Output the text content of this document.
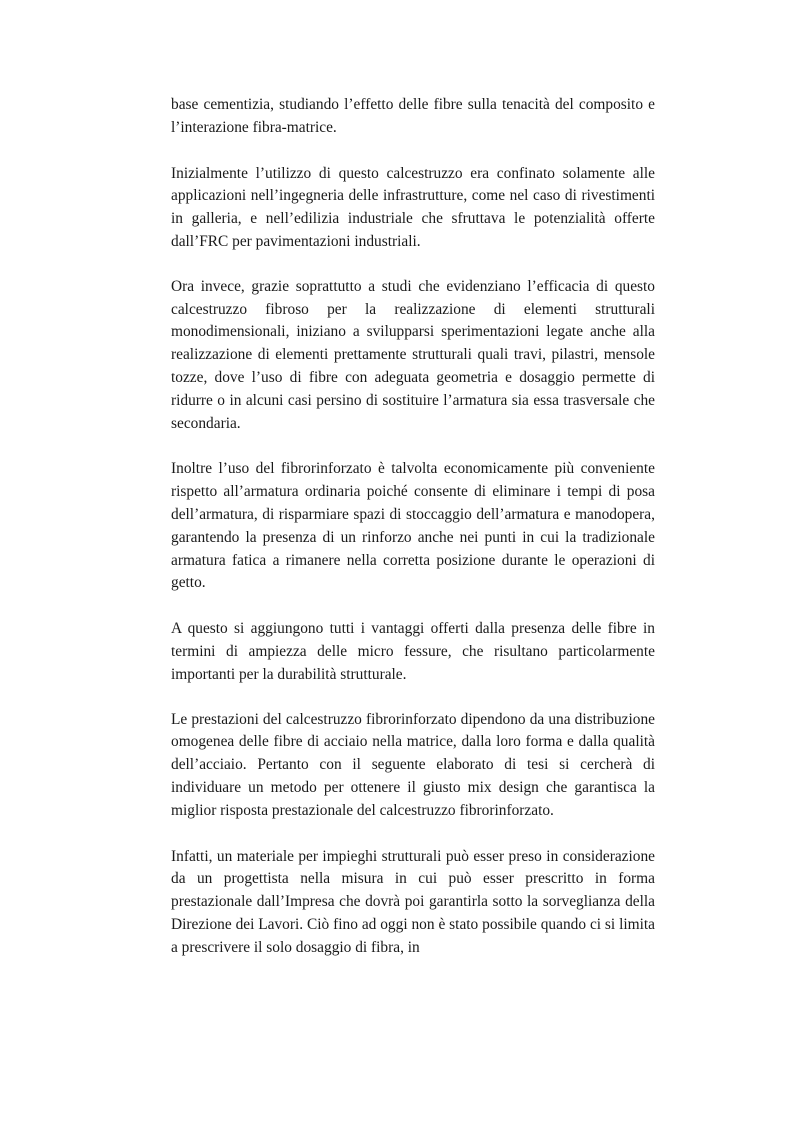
base cementizia, studiando l’effetto delle fibre sulla tenacità del composito e l’interazione fibra-matrice.

Inizialmente l’utilizzo di questo calcestruzzo era confinato solamente alle applicazioni nell’ingegneria delle infrastrutture, come nel caso di rivestimenti in galleria, e nell’edilizia industriale che sfruttava le potenzialità offerte dall’FRC per pavimentazioni industriali.

Ora invece, grazie soprattutto a studi che evidenziano l’efficacia di questo calcestruzzo fibroso per la realizzazione di elementi strutturali monodimensionali, iniziano a svilupparsi sperimentazioni legate anche alla realizzazione di elementi prettamente strutturali quali travi, pilastri, mensole tozze, dove l’uso di fibre con adeguata geometria e dosaggio permette di ridurre o in alcuni casi persino di sostituire l’armatura sia essa trasversale che secondaria.

Inoltre l’uso del fibrorinforzato è talvolta economicamente più conveniente rispetto all’armatura ordinaria poiché consente di eliminare i tempi di posa dell’armatura, di risparmiare spazi di stoccaggio dell’armatura e manodopera, garantendo la presenza di un rinforzo anche nei punti in cui la tradizionale armatura fatica a rimanere nella corretta posizione durante le operazioni di getto.

A questo si aggiungono tutti i vantaggi offerti dalla presenza delle fibre in termini di ampiezza delle micro fessure, che risultano particolarmente importanti per la durabilità strutturale.

Le prestazioni del calcestruzzo fibrorinforzato dipendono da una distribuzione omogenea delle fibre di acciaio nella matrice, dalla loro forma e dalla qualità dell’acciaio. Pertanto con il seguente elaborato di tesi si cercherà di individuare un metodo per ottenere il giusto mix design che garantisca la miglior risposta prestazionale del calcestruzzo fibrorinforzato.

Infatti, un materiale per impieghi strutturali può esser preso in considerazione da un progettista nella misura in cui può esser prescritto in forma prestazionale dall’Impresa che dovrà poi garantirla sotto la sorveglianza della Direzione dei Lavori. Ciò fino ad oggi non è stato possibile quando ci si limita a prescrivere il solo dosaggio di fibra, in
